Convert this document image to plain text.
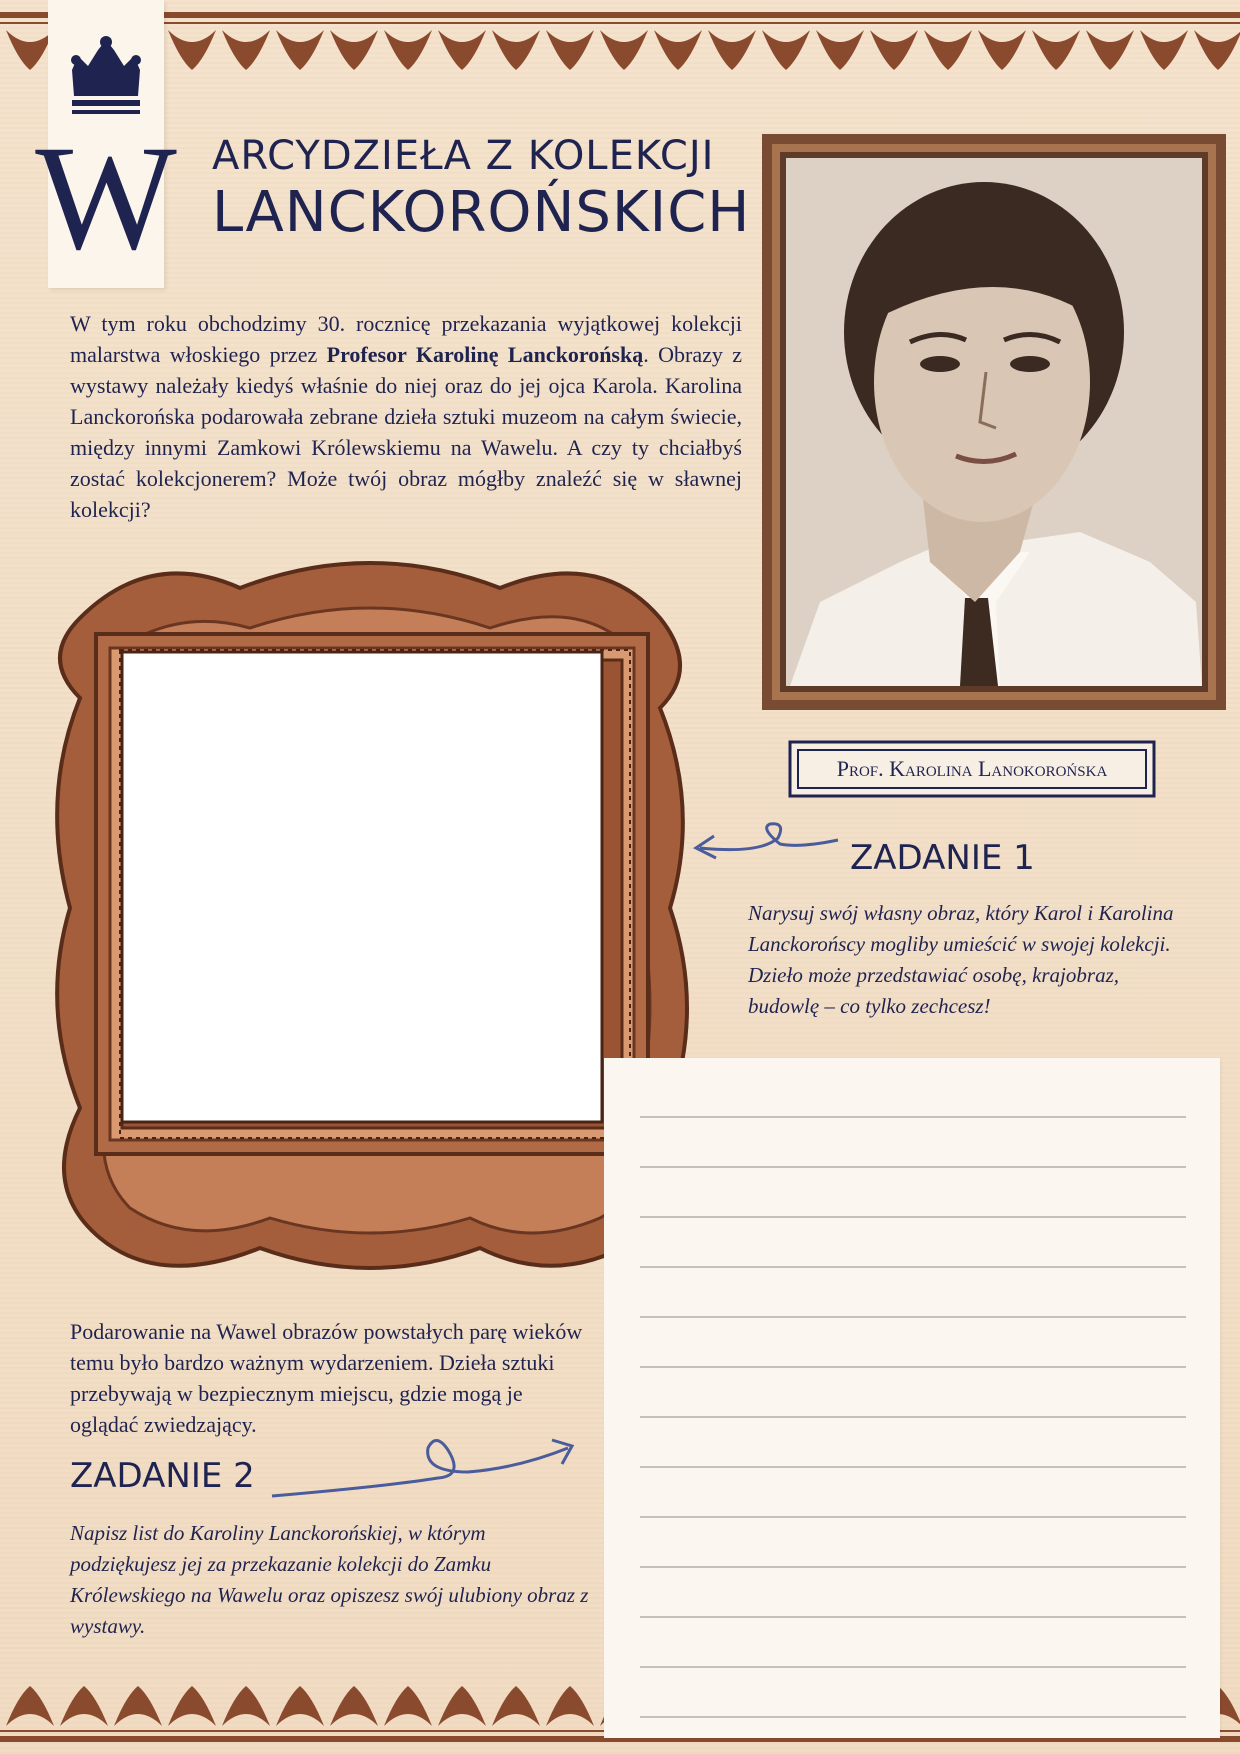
W ARCYDZIEŁA Z KOLEKCJI
LANCKOROŃSKICH
W tym roku obchodzimy 30. rocznicę przekazania wyjątkowej kolekcji malarstwa włoskiego przez Profesor Karolinę Lanckorońską. Obrazy z wystawy należały kiedyś właśnie do niej oraz do jej ojca Karola. Karolina Lanckorońska podarowała zebrane dzieła sztuki muzeom na całym świecie, między innymi Zamkowi Królewskiemu na Wawelu. A czy ty chciałbyś zostać kolekcjonerem? Może twój obraz mógłby znaleźć się w sławnej kolekcji?
Prof. Karolina Lanokorońska
ZADANIE 1
Narysuj swój własny obraz, który Karol i Karolina Lanckorońscy mogliby umieścić w swojej kolekcji. Dzieło może przedstawiać osobę, krajobraz, budowlę – co tylko zechcesz!
Podarowanie na Wawel obrazów powstałych parę wieków temu było bardzo ważnym wydarzeniem. Dzieła sztuki przebywają w bezpiecznym miejscu, gdzie mogą je oglądać zwiedzający.
ZADANIE 2
Napisz list do Karoliny Lanckorońskiej, w którym podziękujesz jej za przekazanie kolekcji do Zamku Królewskiego na Wawelu oraz opiszesz swój ulubiony obraz z wystawy.
